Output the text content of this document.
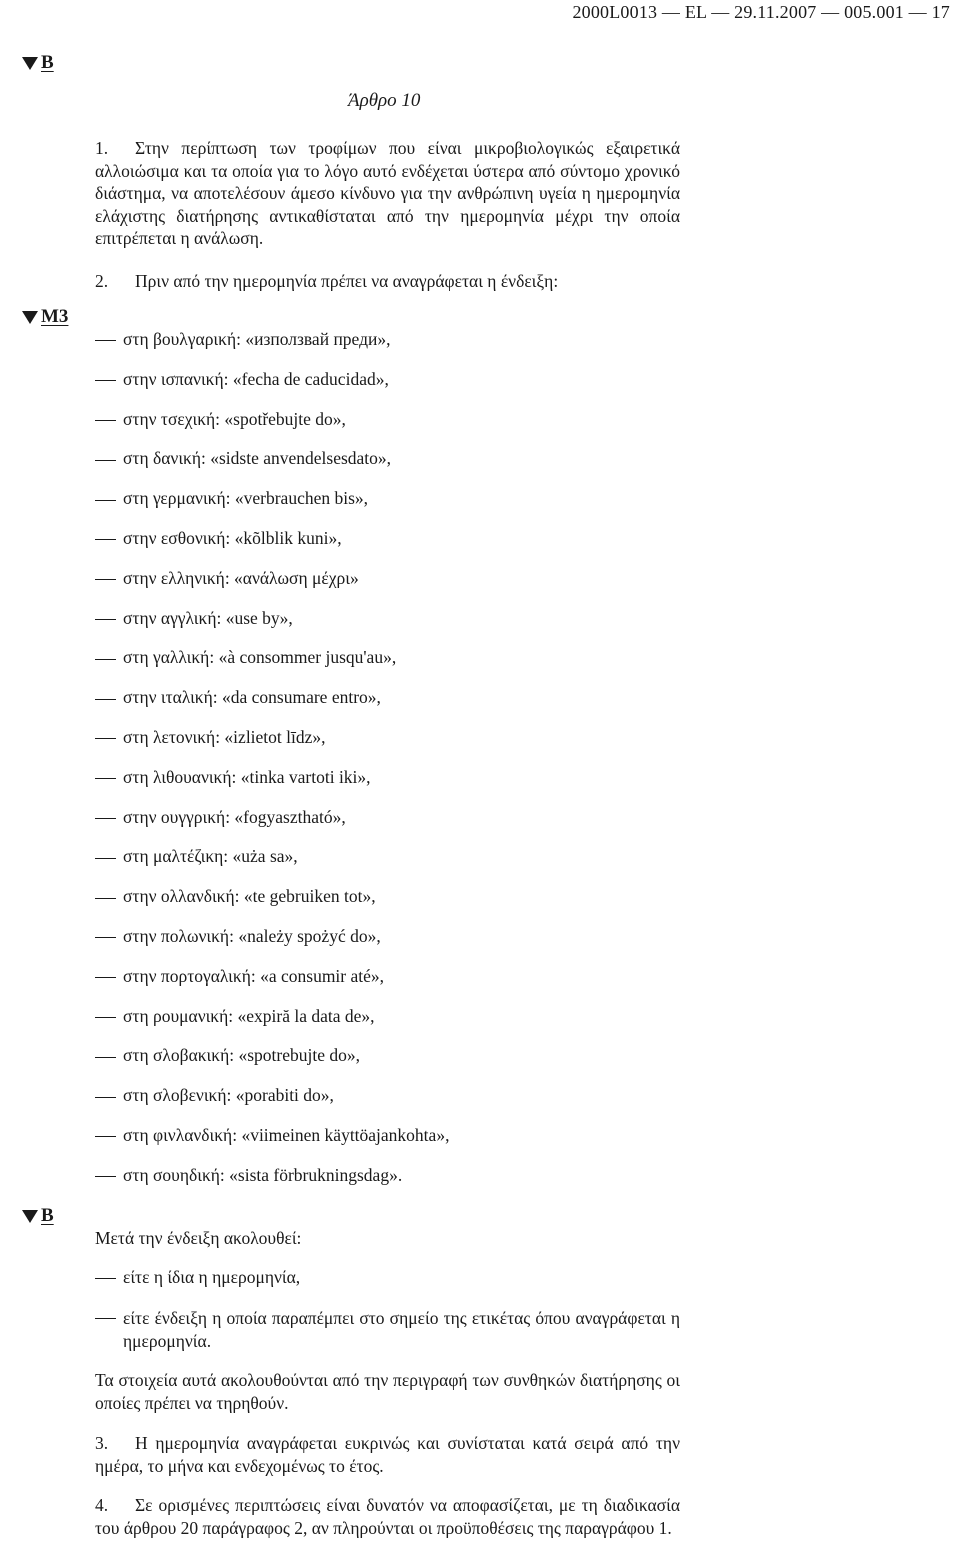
2000L0013 — EL — 29.11.2007 — 005.001 — 17
B
Άρθρο 10
1. Στην περίπτωση των τροφίμων που είναι μικροβιολογικώς εξαιρετικά αλλοιώσιμα και τα οποία για το λόγο αυτό ενδέχεται ύστερα από σύντομο χρονικό διάστημα, να αποτελέσουν άμεσο κίνδυνο για την ανθρώπινη υγεία η ημερομηνία ελάχιστης διατήρησης αντικαθίσταται από την ημερομηνία μέχρι την οποία επιτρέπεται η ανάλωση.
2. Πριν από την ημερομηνία πρέπει να αναγράφεται η ένδειξη:
M3
στη βουλγαρική: «използвай преди»,
στην ισπανική: «fecha de caducidad»,
στην τσεχική: «spotřebujte do»,
στη δανική: «sidste anvendelsesdato»,
στη γερμανική: «verbrauchen bis»,
στην εσθονική: «kõlblik kuni»,
στην ελληνική: «ανάλωση μέχρι»
στην αγγλική: «use by»,
στη γαλλική: «à consommer jusqu'au»,
στην ιταλική: «da consumare entro»,
στη λετονική: «izlietot līdz»,
στη λιθουανική: «tinka vartoti iki»,
στην ουγγρική: «fogyasztható»,
στη μαλτέζικη: «uża sa»,
στην ολλανδική: «te gebruiken tot»,
στην πολωνική: «należy spożyć do»,
στην πορτογαλική: «a consumir até»,
στη ρουμανική: «expiră la data de»,
στη σλοβακική: «spotrebujte do»,
στη σλοβενική: «porabiti do»,
στη φινλανδική: «viimeinen käyttöajankohta»,
στη σουηδική: «sista förbrukningsdag».
B
Μετά την ένδειξη ακολουθεί:
είτε η ίδια η ημερομηνία,
είτε ένδειξη η οποία παραπέμπει στο σημείο της ετικέτας όπου αναγράφεται η ημερομηνία.
Τα στοιχεία αυτά ακολουθούνται από την περιγραφή των συνθηκών διατήρησης οι οποίες πρέπει να τηρηθούν.
3. Η ημερομηνία αναγράφεται ευκρινώς και συνίσταται κατά σειρά από την ημέρα, το μήνα και ενδεχομένως το έτος.
4. Σε ορισμένες περιπτώσεις είναι δυνατόν να αποφασίζεται, με τη διαδικασία του άρθρου 20 παράγραφος 2, αν πληρούνται οι προϋποθέσεις της παραγράφου 1.
